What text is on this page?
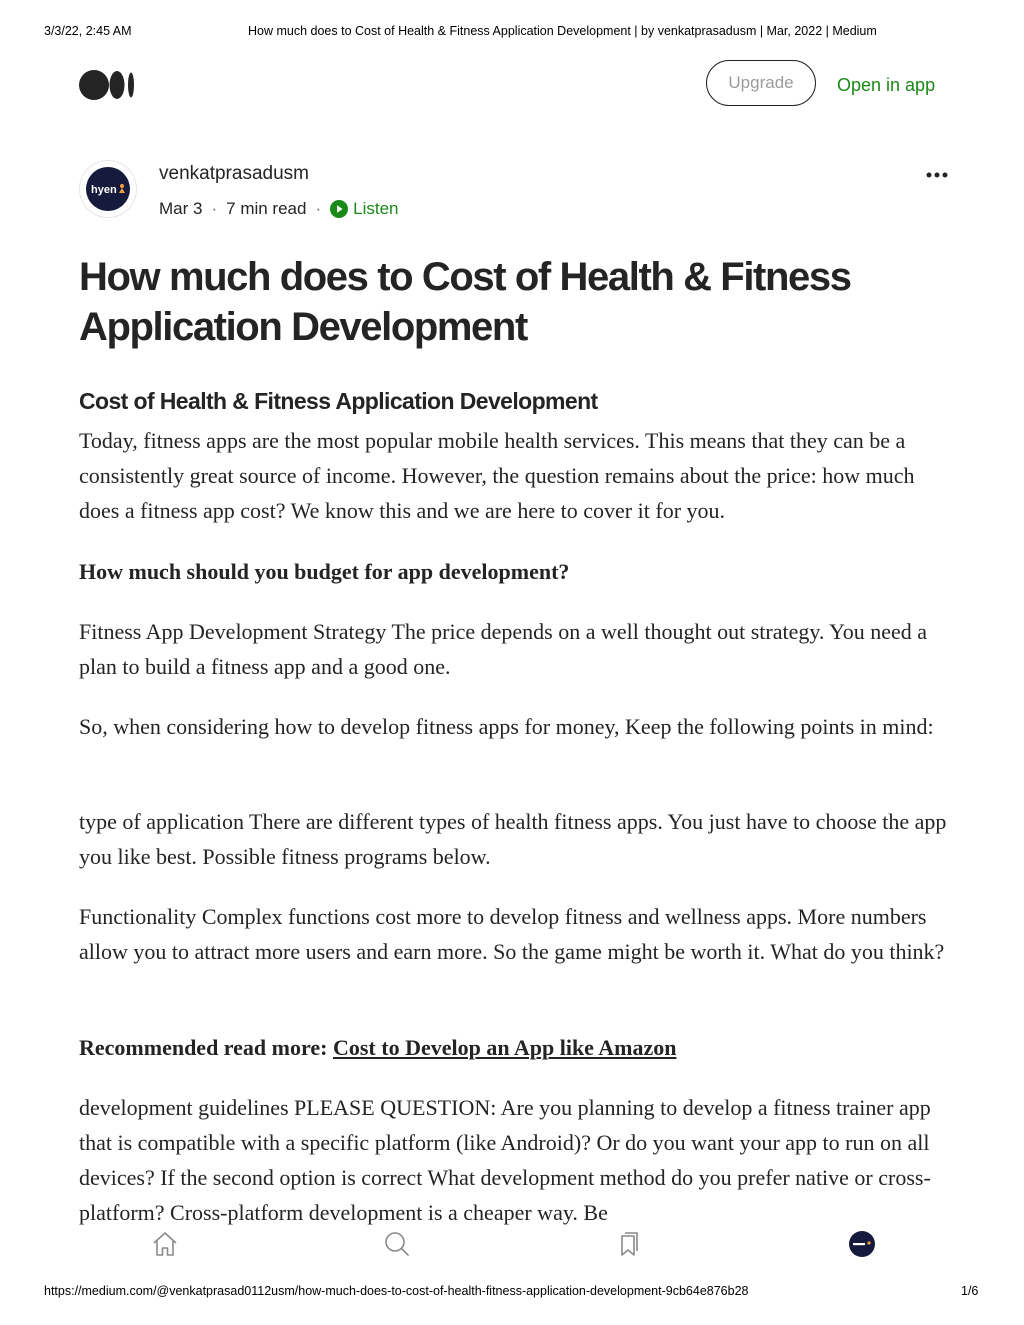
3/3/22, 2:45 AM	How much does to Cost of Health & Fitness Application Development | by venkatprasadusm | Mar, 2022 | Medium
Upgrade	Open in app
hyen
venkatprasadusm
Mar 3 · 7 min read · Listen
How much does to Cost of Health & Fitness Application Development
Cost of Health & Fitness Application Development

Today, fitness apps are the most popular mobile health services. This means that they can be a consistently great source of income. However, the question remains about the price: how much does a fitness app cost? We know this and we are here to cover it for you.

How much should you budget for app development?

Fitness App Development Strategy The price depends on a well thought out strategy. You need a plan to build a fitness app and a good one.

So, when considering how to develop fitness apps for money, Keep the following points in mind:

type of application There are different types of health fitness apps. You just have to choose the app you like best. Possible fitness programs below.

Functionality Complex functions cost more to develop fitness and wellness apps. More numbers allow you to attract more users and earn more. So the game might be worth it. What do you think?

Recommended read more: Cost to Develop an App like Amazon

development guidelines PLEASE QUESTION: Are you planning to develop a fitness trainer app that is compatible with a specific platform (like Android)? Or do you want your app to run on all devices? If the second option is correct What development method do you prefer native or cross-platform? Cross-platform development is a cheaper way. Be

https://medium.com/@venkatprasad0112usm/how-much-does-to-cost-of-health-fitness-application-development-9cb64e876b28	1/6
